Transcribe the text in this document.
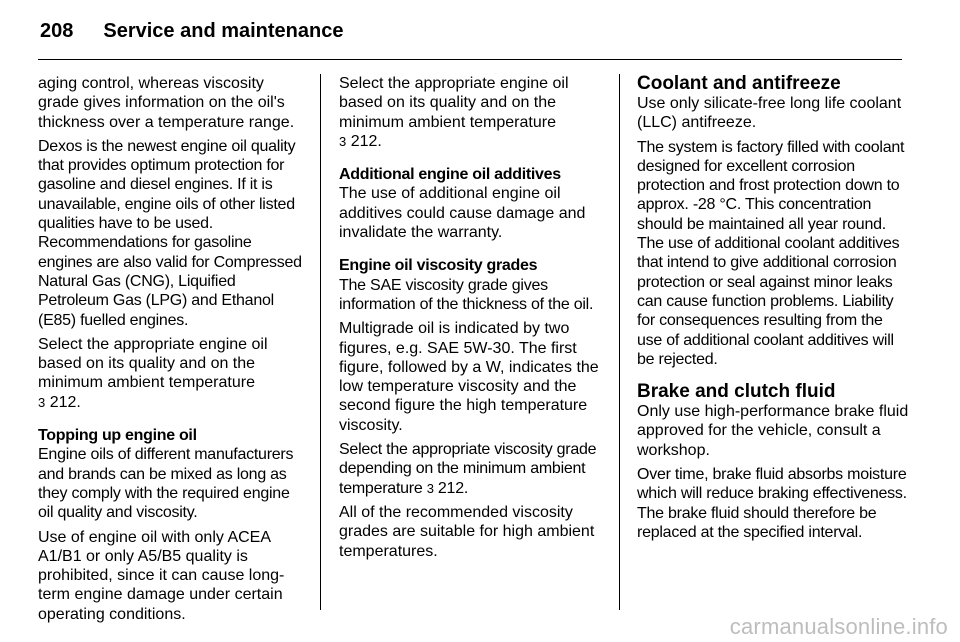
208 Service and maintenance

aging control, whereas viscosity grade gives information on the oil's thickness over a temperature range.

Dexos is the newest engine oil quality that provides optimum protection for gasoline and diesel engines. If it is unavailable, engine oils of other listed qualities have to be used. Recommendations for gasoline engines are also valid for Compressed Natural Gas (CNG), Liquified Petroleum Gas (LPG) and Ethanol (E85) fuelled engines.

Select the appropriate engine oil based on its quality and on the minimum ambient temperature
3 212.

Topping up engine oil

Engine oils of different manufacturers and brands can be mixed as long as they comply with the required engine oil quality and viscosity.

Use of engine oil with only ACEA A1/B1 or only A5/B5 quality is prohibited, since it can cause long-term engine damage under certain operating conditions.

Select the appropriate engine oil based on its quality and on the minimum ambient temperature
3 212.

Additional engine oil additives

The use of additional engine oil additives could cause damage and invalidate the warranty.

Engine oil viscosity grades

The SAE viscosity grade gives information of the thickness of the oil.

Multigrade oil is indicated by two figures, e.g. SAE 5W-30. The first figure, followed by a W, indicates the low temperature viscosity and the second figure the high temperature viscosity.

Select the appropriate viscosity grade depending on the minimum ambient temperature 3 212.

All of the recommended viscosity grades are suitable for high ambient temperatures.

Coolant and antifreeze

Use only silicate-free long life coolant (LLC) antifreeze.

The system is factory filled with coolant designed for excellent corrosion protection and frost protection down to approx. -28 °C. This concentration should be maintained all year round. The use of additional coolant additives that intend to give additional corrosion protection or seal against minor leaks can cause function problems. Liability for consequences resulting from the use of additional coolant additives will be rejected.

Brake and clutch fluid

Only use high-performance brake fluid approved for the vehicle, consult a workshop.

Over time, brake fluid absorbs moisture which will reduce braking effectiveness. The brake fluid should therefore be replaced at the specified interval.

carmanualsonline.info
